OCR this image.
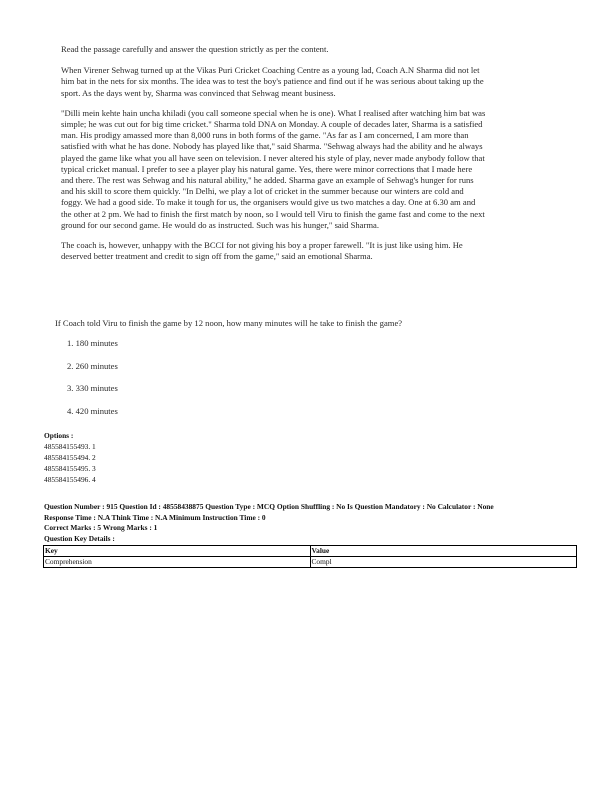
Read the passage carefully and answer the question strictly as per the content.

When Virener Sehwag turned up at the Vikas Puri Cricket Coaching Centre as a young lad, Coach A.N Sharma did not let him bat in the nets for six months. The idea was to test the boy's patience and find out if he was serious about taking up the sport. As the days went by, Sharma was convinced that Sehwag meant business.

"Dilli mein kehte hain uncha khiladi (you call someone special when he is one). What I realised after watching him bat was simple; he was cut out for big time cricket." Sharma told DNA on Monday. A couple of decades later, Sharma is a satisfied man. His prodigy amassed more than 8,000 runs in both forms of the game. "As far as I am concerned, I am more than satisfied with what he has done. Nobody has played like that," said Sharma. "Sehwag always had the ability and he always played the game like what you all have seen on television. I never altered his style of play, never made anybody follow that typical cricket manual. I prefer to see a player play his natural game. Yes, there were minor corrections that I made here and there. The rest was Sehwag and his natural ability," he added. Sharma gave an example of Sehwag's hunger for runs and his skill to score them quickly. "In Delhi, we play a lot of cricket in the summer because our winters are cold and foggy. We had a good side. To make it tough for us, the organisers would give us two matches a day. One at 6.30 am and the other at 2 pm. We had to finish the first match by noon, so I would tell Viru to finish the game fast and come to the next ground for our second game. He would do as instructed. Such was his hunger," said Sharma.

The coach is, however, unhappy with the BCCI for not giving his boy a proper farewell. "It is just like using him. He deserved better treatment and credit to sign off from the game," said an emotional Sharma.

If Coach told Viru to finish the game by 12 noon, how many minutes will he take to finish the game?
1. 180 minutes
2. 260 minutes
3. 330 minutes
4. 420 minutes
Options :
485584155493. 1
485584155494. 2
485584155495. 3
485584155496. 4
Question Number : 915 Question Id : 48558438875 Question Type : MCQ Option Shuffling : No Is Question Mandatory : No Calculator : None
Response Time : N.A Think Time : N.A Minimum Instruction Time : 0
Correct Marks : 5 Wrong Marks : 1
Question Key Details :
Key	Value
Comprehension	Compl
